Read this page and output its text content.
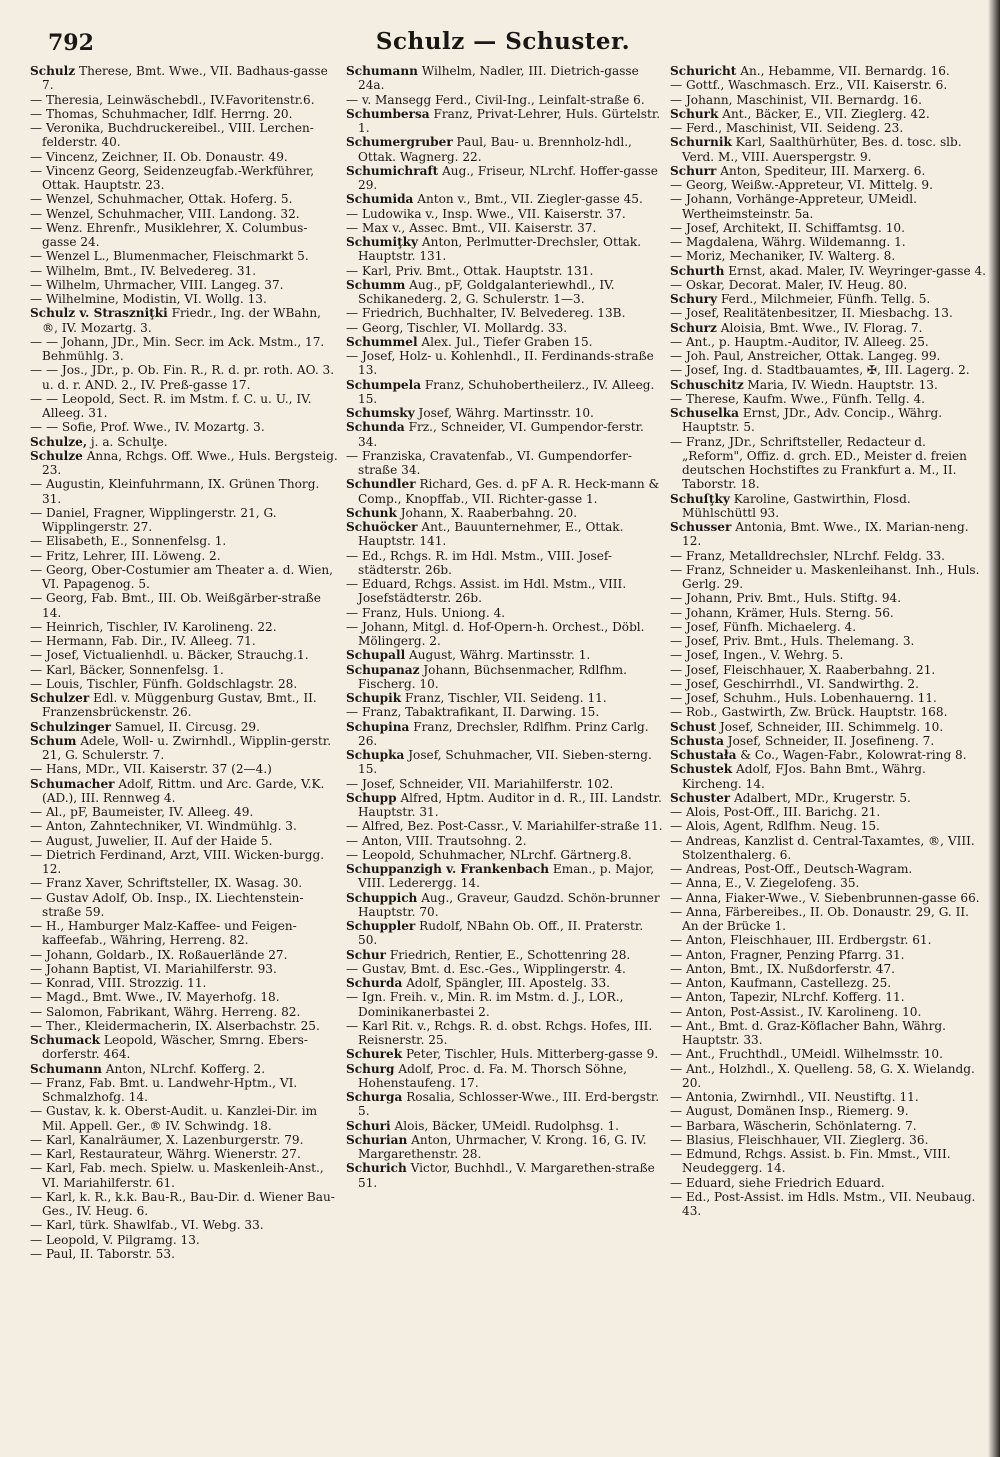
792	Schulz — Schuster.

Schulz Therese, Bmt. Wwe., VII. Badhaus-gasse 7.

— Theresia, Leinwäschebdl., IV.Favoritenstr.6.

— Thomas, Schuhmacher, Idlf. Herrng. 20.

— Veronika, Buchdruckereibel., VIII. Lerchen-felderstr. 40.

— Vincenz, Zeichner, II. Ob. Donaustr. 49.

— Vincenz Georg, Seidenzeugfab.-Werkführer, Ottak. Hauptstr. 23.

— Wenzel, Schuhmacher, Ottak. Hoferg. 5.

— Wenzel, Schuhmacher, VIII. Landong. 32.

— Wenz. Ehrenfr., Musiklehrer, X. Columbus-gasse 24.

— Wenzel L., Blumenmacher, Fleischmarkt 5.

— Wilhelm, Bmt., IV. Belvedereg. 31.

— Wilhelm, Uhrmacher, VIII. Langeg. 37.

— Wilhelmine, Modistin, VI. Wollg. 13.

Schulz v. Straszniţki Friedr., Ing. der WBahn, ®, IV. Mozartg. 3.

— — Johann, JDr., Min. Secr. im Ack. Mstm., 17. Behmühlg. 3.

— — Jos., JDr., p. Ob. Fin. R., R. d. pr. roth. AO. 3. u. d. r. AND. 2., IV. Preß-gasse 17.

— — Leopold, Sect. R. im Mstm. f. C. u. U., IV. Alleeg. 31.

— — Sofie, Prof. Wwe., IV. Mozartg. 3.

Schulze, j. a. Schulţe.

Schulze Anna, Rchgs. Off. Wwe., Huls. Bergsteig. 23.

— Augustin, Kleinfuhrmann, IX. Grünen Thorg. 31.

— Daniel, Fragner, Wipplingerstr. 21, G. Wipplingerstr. 27.

— Elisabeth, E., Sonnenfelsg. 1.

— Fritz, Lehrer, III. Löweng. 2.

— Georg, Ober-Costumier am Theater a. d. Wien, VI. Papagenog. 5.

— Georg, Fab. Bmt., III. Ob. Weißgärber-straße 14.

— Heinrich, Tischler, IV. Karolineng. 22.

— Hermann, Fab. Dir., IV. Alleeg. 71.

— Josef, Victualienhdl. u. Bäcker, Strauchg.1.

— Karl, Bäcker, Sonnenfelsg. 1.

— Louis, Tischler, Fünfh. Goldschlagstr. 28.

Schulzer Edl. v. Müggenburg Gustav, Bmt., II. Franzensbrückenstr. 26.

Schulzinger Samuel, II. Circusg. 29.

Schum Adele, Woll- u. Zwirnhdl., Wipplin-gerstr. 21, G. Schulerstr. 7.

— Hans, MDr., VII. Kaiserstr. 37 (2—4.)

Schumacher Adolf, Rittm. und Arc. Garde, V.K. (AD.), III. Rennweg 4.

— Al., pF, Baumeister, IV. Alleeg. 49.

— Anton, Zahntechniker, VI. Windmühlg. 3.

— August, Juwelier, II. Auf der Haide 5.

— Dietrich Ferdinand, Arzt, VIII. Wicken-burgg. 12.

— Franz Xaver, Schriftsteller, IX. Wasag. 30.

— Gustav Adolf, Ob. Insp., IX. Liechtenstein-straße 59.

— H., Hamburger Malz-Kaffee- und Feigen-kaffeefab., Währing, Herreng. 82.

— Johann, Goldarb., IX. Roßauerlände 27.

— Johann Baptist, VI. Mariahilferstr. 93.

— Konrad, VIII. Strozzig. 11.

— Magd., Bmt. Wwe., IV. Mayerhofg. 18.

— Salomon, Fabrikant, Währg. Herreng. 82.

— Ther., Kleidermacherin, IX. Alserbachstr. 25.

Schumack Leopold, Wäscher, Smrng. Ebers-dorferstr. 464.

Schumann Anton, NLrchf. Kofferg. 2.

— Franz, Fab. Bmt. u. Landwehr-Hptm., VI. Schmalzhofg. 14.

— Gustav, k. k. Oberst-Audit. u. Kanzlei-Dir. im Mil. Appell. Ger., ® IV. Schwindg. 18.

— Karl, Kanalräumer, X. Lazenburgerstr. 79.

— Karl, Restaurateur, Währg. Wienerstr. 27.

— Karl, Fab. mech. Spielw. u. Maskenleih-Anst., VI. Mariahilferstr. 61.

— Karl, k. R., k.k. Bau-R., Bau-Dir. d. Wiener Bau-Ges., IV. Heug. 6.

— Karl, türk. Shawlfab., VI. Webg. 33.

— Leopold, V. Pilgramg. 13.

— Paul, II. Taborstr. 53.

Schumann Wilhelm, Nadler, III. Dietrich-gasse 24a.

— v. Mansegg Ferd., Civil-Ing., Leinfalt-straße 6.

Schumbersa Franz, Privat-Lehrer, Huls. Gürtelstr. 1.

Schumergruber Paul, Bau- u. Brennholz-hdl., Ottak. Wagnerg. 22.

Schumichraft Aug., Friseur, NLrchf. Hoffer-gasse 29.

Schumida Anton v., Bmt., VII. Ziegler-gasse 45.

— Ludowika v., Insp. Wwe., VII. Kaiserstr. 37.

— Max v., Assec. Bmt., VII. Kaiserstr. 37.

Schumiţky Anton, Perlmutter-Drechsler, Ottak. Hauptstr. 131.

— Karl, Priv. Bmt., Ottak. Hauptstr. 131.

Schumm Aug., pF, Goldgalanteriewhdl., IV. Schikanederg. 2, G. Schulerstr. 1—3.

— Friedrich, Buchhalter, IV. Belvedereg. 13B.

— Georg, Tischler, VI. Mollardg. 33.

Schummel Alex. Jul., Tiefer Graben 15.

— Josef, Holz- u. Kohlenhdl., II. Ferdinands-straße 13.

Schumpela Franz, Schuhobertheilerz., IV. Alleeg. 15.

Schumsky Josef, Währg. Martinsstr. 10.

Schunda Frz., Schneider, VI. Gumpendor-ferstr. 34.

— Franziska, Cravatenfab., VI. Gumpendorfer-straße 34.

Schundler Richard, Ges. d. pF A. R. Heck-mann & Comp., Knopffab., VII. Richter-gasse 1.

Schunk Johann, X. Raaberbahng. 20.

Schuöcker Ant., Bauunternehmer, E., Ottak. Hauptstr. 141.

— Ed., Rchgs. R. im Hdl. Mstm., VIII. Josef-städterstr. 26b.

— Eduard, Rchgs. Assist. im Hdl. Mstm., VIII. Josefstädterstr. 26b.

— Franz, Huls. Uniong. 4.

— Johann, Mitgl. d. Hof-Opern-h. Orchest., Döbl. Mölingerg. 2.

Schupall August, Währg. Martinsstr. 1.

Schupanaz Johann, Büchsenmacher, Rdlfhm. Fischerg. 10.

Schupik Franz, Tischler, VII. Seideng. 11.

— Franz, Tabaktrafikant, II. Darwing. 15.

Schupina Franz, Drechsler, Rdlfhm. Prinz Carlg. 26.

Schupka Josef, Schuhmacher, VII. Sieben-sterng. 15.

— Josef, Schneider, VII. Mariahilferstr. 102.

Schupp Alfred, Hptm. Auditor in d. R., III. Landstr. Hauptstr. 31.

— Alfred, Bez. Post-Cassr., V. Mariahilfer-straße 11.

— Anton, VIII. Trautsohng. 2.

— Leopold, Schuhmacher, NLrchf. Gärtnerg.8.

Schuppanzigh v. Frankenbach Eman., p. Major, VIII. Lederergg. 14.

Schuppich Aug., Graveur, Gaudzd. Schön-brunner Hauptstr. 70.

Schuppler Rudolf, NBahn Ob. Off., II. Praterstr. 50.

Schur Friedrich, Rentier, E., Schottenring 28.

— Gustav, Bmt. d. Esc.-Ges., Wipplingerstr. 4.

Schurda Adolf, Spängler, III. Apostelg. 33.

— Ign. Freih. v., Min. R. im Mstm. d. J., LOR., Dominikanerbastei 2.

— Karl Rit. v., Rchgs. R. d. obst. Rchgs. Hofes, III. Reisnerstr. 25.

Schurek Peter, Tischler, Huls. Mitterberg-gasse 9.

Schurg Adolf, Proc. d. Fa. M. Thorsch Söhne, Hohenstaufeng. 17.

Schurga Rosalia, Schlosser-Wwe., III. Erd-bergstr. 5.

Schuri Alois, Bäcker, UMeidl. Rudolphsg. 1.

Schurian Anton, Uhrmacher, V. Krong. 16, G. IV. Margarethenstr. 28.

Schurich Victor, Buchhdl., V. Margarethen-straße 51.

Schuricht An., Hebamme, VII. Bernardg. 16.

— Gottf., Waschmasch. Erz., VII. Kaiserstr. 6.

— Johann, Maschinist, VII. Bernardg. 16.

Schurk Ant., Bäcker, E., VII. Zieglerg. 42.

— Ferd., Maschinist, VII. Seideng. 23.

Schurnik Karl, Saalthürhüter, Bes. d. tosc. slb. Verd. M., VIII. Auerspergstr. 9.

Schurr Anton, Spediteur, III. Marxerg. 6.

— Georg, Weißw.-Appreteur, VI. Mittelg. 9.

— Johann, Vorhänge-Appreteur, UMeidl. Wertheimsteinstr. 5a.

— Josef, Architekt, II. Schiffamtsg. 10.

— Magdalena, Währg. Wildemanng. 1.

— Moriz, Mechaniker, IV. Walterg. 8.

Schurth Ernst, akad. Maler, IV. Weyringer-gasse 4.

— Oskar, Decorat. Maler, IV. Heug. 80.

Schury Ferd., Milchmeier, Fünfh. Tellg. 5.

— Josef, Realitätenbesitzer, II. Miesbachg. 13.

Schurz Aloisia, Bmt. Wwe., IV. Florag. 7.

— Ant., p. Hauptm.-Auditor, IV. Alleeg. 25.

— Joh. Paul, Anstreicher, Ottak. Langeg. 99.

— Josef, Ing. d. Stadtbauamtes, ✠, III. Lagerg. 2.

Schuschitz Maria, IV. Wiedn. Hauptstr. 13.

— Therese, Kaufm. Wwe., Fünfh. Tellg. 4.

Schuselka Ernst, JDr., Adv. Concip., Währg. Hauptstr. 5.

— Franz, JDr., Schriftsteller, Redacteur d. „Reform", Offiz. d. grch. ED., Meister d. freien deutschen Hochstiftes zu Frankfurt a. M., II. Taborstr. 18.

Schuſţky Karoline, Gastwirthin, Flosd. Mühlschüttl 93.

Schusser Antonia, Bmt. Wwe., IX. Marian-neng. 12.

— Franz, Metalldrechsler, NLrchf. Feldg. 33.

— Franz, Schneider u. Maskenleihanst. Inh., Huls. Gerlg. 29.

— Johann, Priv. Bmt., Huls. Stiftg. 94.

— Johann, Krämer, Huls. Sterng. 56.

— Josef, Fünfh. Michaelerg. 4.

— Josef, Priv. Bmt., Huls. Thelemang. 3.

— Josef, Ingen., V. Wehrg. 5.

— Josef, Fleischhauer, X. Raaberbahng. 21.

— Josef, Geschirrhdl., VI. Sandwirthg. 2.

— Josef, Schuhm., Huls. Lobenhauerng. 11.

— Rob., Gastwirth, Zw. Brück. Hauptstr. 168.

Schust Josef, Schneider, III. Schimmelg. 10.

Schusta Josef, Schneider, II. Josefineng. 7.

Schustała & Co., Wagen-Fabr., Kolowrat-ring 8.

Schustek Adolf, FJos. Bahn Bmt., Währg. Kircheng. 14.

Schuster Adalbert, MDr., Krugerstr. 5.

— Alois, Post-Off., III. Barichg. 21.

— Alois, Agent, Rdlfhm. Neug. 15.

— Andreas, Kanzlist d. Central-Taxamtes, ®, VIII. Stolzenthalerg. 6.

— Andreas, Post-Off., Deutsch-Wagram.

— Anna, E., V. Ziegelofeng. 35.

— Anna, Fiaker-Wwe., V. Siebenbrunnen-gasse 66.

— Anna, Färbereibes., II. Ob. Donaustr. 29, G. II. An der Brücke 1.

— Anton, Fleischhauer, III. Erdbergstr. 61.

— Anton, Fragner, Penzing Pfarrg. 31.

— Anton, Bmt., IX. Nußdorferstr. 47.

— Anton, Kaufmann, Castellezg. 25.

— Anton, Tapezir, NLrchf. Kofferg. 11.

— Anton, Post-Assist., IV. Karolineng. 10.

— Ant., Bmt. d. Graz-Köflacher Bahn, Währg. Hauptstr. 33.

— Ant., Fruchthdl., UMeidl. Wilhelmsstr. 10.

— Ant., Holzhdl., X. Quelleng. 58, G. X. Wielandg. 20.

— Antonia, Zwirnhdl., VII. Neustiftg. 11.

— August, Domänen Insp., Riemerg. 9.

— Barbara, Wäscherin, Schönlaterng. 7.

— Blasius, Fleischhauer, VII. Zieglerg. 36.

— Edmund, Rchgs. Assist. b. Fin. Mmst., VIII. Neudeggerg. 14.

— Eduard, siehe Friedrich Eduard.

— Ed., Post-Assist. im Hdls. Mstm., VII. Neubaug. 43.
